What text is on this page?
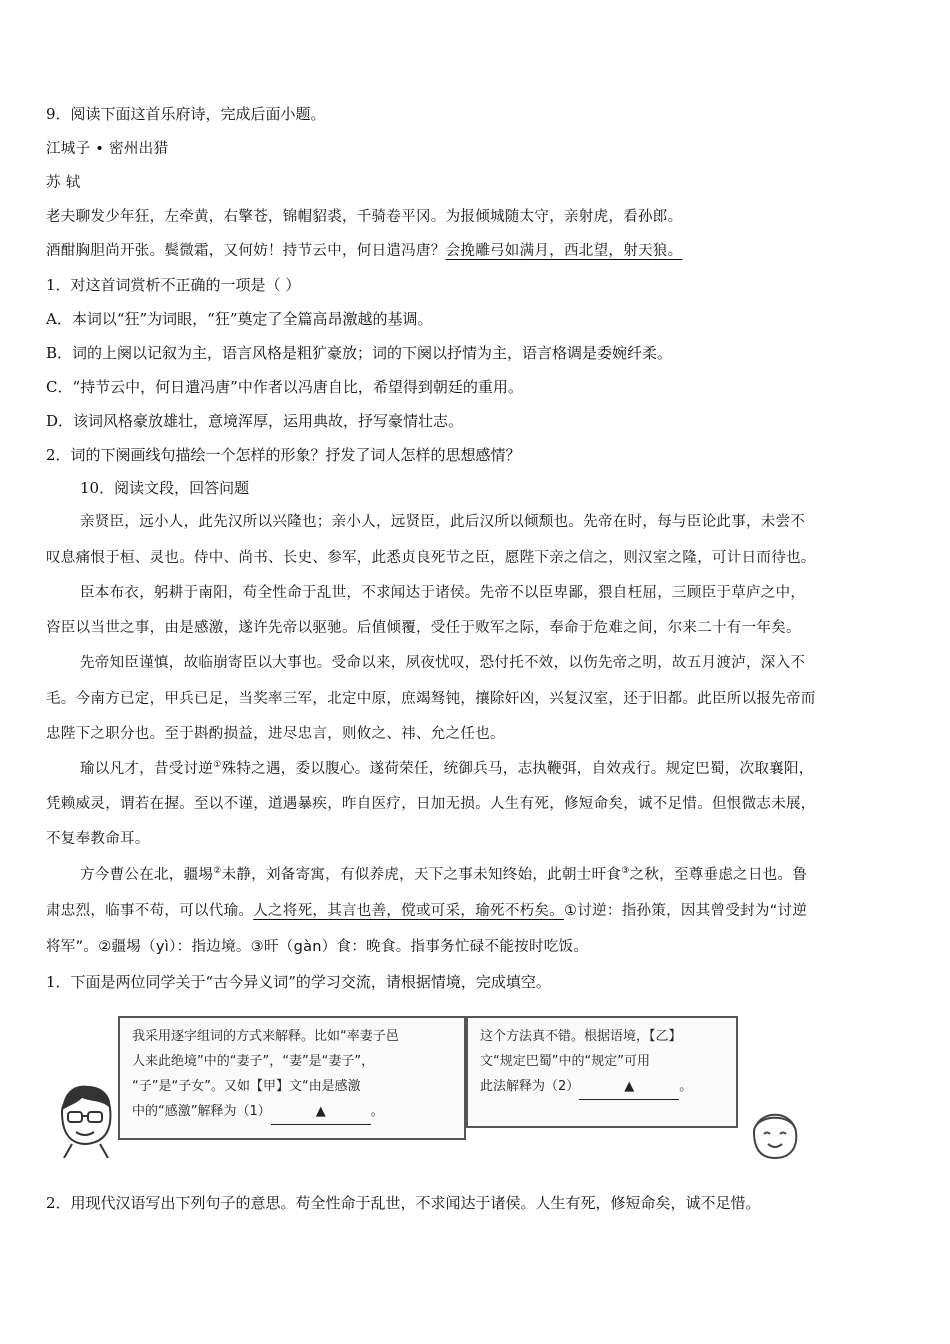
9．阅读下面这首乐府诗，完成后面小题。
江城子 • 密州出猎
苏 轼
老夫聊发少年狂，左牵黄，右擎苍，锦帽貂裘，千骑卷平冈。为报倾城随太守，亲射虎，看孙郎。
酒酣胸胆尚开张。鬓微霜，又何妨！持节云中，何日遣冯唐？会挽雕弓如满月，西北望，射天狼。
1．对这首词赏析不正确的一项是（ ）
A．本词以“狂”为词眼，“狂”奠定了全篇高昂激越的基调。
B．词的上阕以记叙为主，语言风格是粗犷豪放；词的下阕以抒情为主，语言格调是委婉纤柔。
C．“持节云中，何日遣冯唐”中作者以冯唐自比，希望得到朝廷的重用。
D．该词风格豪放雄壮，意境浑厚，运用典故，抒写豪情壮志。
2．词的下阕画线句描绘一个怎样的形象？抒发了词人怎样的思想感情？
10．阅读文段，回答问题
亲贤臣，远小人，此先汉所以兴隆也；亲小人，远贤臣，此后汉所以倾颓也。先帝在时，每与臣论此事，未尝不
叹息痛恨于桓、灵也。侍中、尚书、长史、参军，此悉贞良死节之臣，愿陛下亲之信之，则汉室之隆，可计日而待也。
臣本布衣，躬耕于南阳，苟全性命于乱世，不求闻达于诸侯。先帝不以臣卑鄙，猥自枉屈，三顾臣于草庐之中，
咨臣以当世之事，由是感激，遂许先帝以驱驰。后值倾覆，受任于败军之际，奉命于危难之间，尔来二十有一年矣。
先帝知臣谨慎，故临崩寄臣以大事也。受命以来，夙夜忧叹，恐付托不效，以伤先帝之明，故五月渡泸，深入不
毛。今南方已定，甲兵已足，当奖率三军，北定中原，庶竭驽钝，攘除奸凶，兴复汉室，还于旧都。此臣所以报先帝而
忠陛下之职分也。至于斟酌损益，进尽忠言，则攸之、祎、允之任也。
瑜以凡才，昔受讨逆①殊特之遇，委以腹心。遂荷荣任，统御兵马，志执鞭弭，自效戎行。规定巴蜀，次取襄阳，
凭赖威灵，谓若在握。至以不谨，道遇暴疾，昨自医疗，日加无损。人生有死，修短命矣，诚不足惜。但恨微志未展，
不复奉教命耳。
方今曹公在北，疆埸②未静，刘备寄寓，有似养虎，天下之事未知终始，此朝士旰食③之秋，至尊垂虑之日也。鲁
肃忠烈，临事不苟，可以代瑜。人之将死，其言也善，傥或可采，瑜死不朽矣。①讨逆：指孙策，因其曾受封为“讨逆
将军”。②疆埸（yì）：指边境。③旰（gàn）食：晚食。指事务忙碌不能按时吃饭。
1．下面是两位同学关于“古今异义词”的学习交流，请根据情境，完成填空。
我采用逐字组词的方式来解释。比如“率妻子邑
人来此绝境”中的“妻子”，“妻”是“妻子”，
“子”是“子女”。又如【甲】文“由是感激
中的“感激”解释为（1）	▲	。
这个方法真不错。根据语境，【乙】
文“规定巴蜀”中的“规定”可用
此法解释为（2）	▲	。
2．用现代汉语写出下列句子的意思。苟全性命于乱世，不求闻达于诸侯。人生有死，修短命矣，诚不足惜。
